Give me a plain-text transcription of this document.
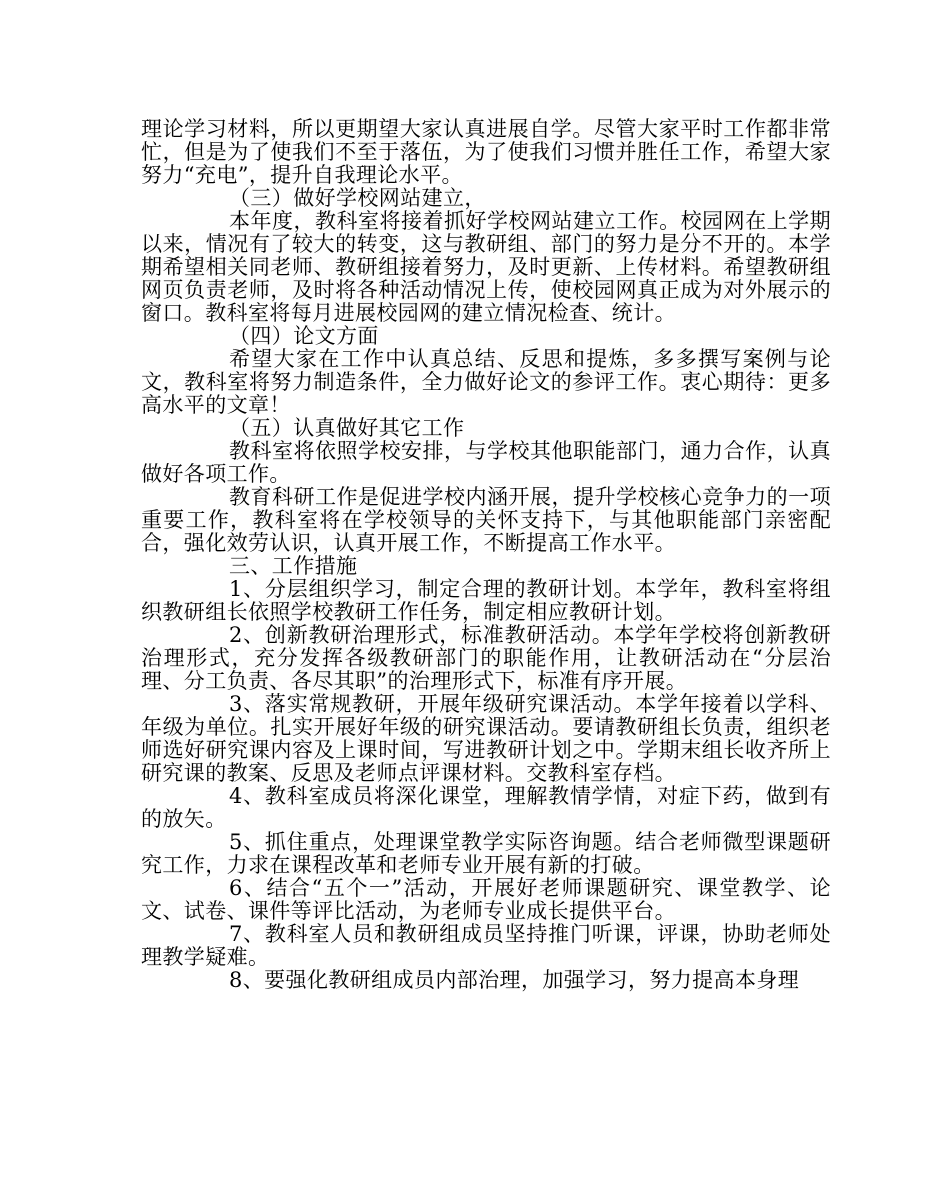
理论学习材料，所以更期望大家认真进展自学。尽管大家平时工作都非常忙，但是为了使我们不至于落伍，为了使我们习惯并胜任工作，希望大家努力“充电”，提升自我理论水平。

（三）做好学校网站建立，

本年度，教科室将接着抓好学校网站建立工作。校园网在上学期以来，情况有了较大的转变，这与教研组、部门的努力是分不开的。本学期希望相关同老师、教研组接着努力，及时更新、上传材料。希望教研组网页负责老师，及时将各种活动情况上传，使校园网真正成为对外展示的窗口。教科室将每月进展校园网的建立情况检查、统计。

（四）论文方面

希望大家在工作中认真总结、反思和提炼，多多撰写案例与论文，教科室将努力制造条件，全力做好论文的参评工作。衷心期待：更多高水平的文章！

（五）认真做好其它工作

教科室将依照学校安排，与学校其他职能部门，通力合作，认真做好各项工作。

教育科研工作是促进学校内涵开展，提升学校核心竞争力的一项重要工作，教科室将在学校领导的关怀支持下，与其他职能部门亲密配合，强化效劳认识，认真开展工作，不断提高工作水平。

三、工作措施

1、分层组织学习，制定合理的教研计划。本学年，教科室将组织教研组长依照学校教研工作任务，制定相应教研计划。

2、创新教研治理形式，标准教研活动。本学年学校将创新教研治理形式，充分发挥各级教研部门的职能作用，让教研活动在“分层治理、分工负责、各尽其职”的治理形式下，标准有序开展。

3、落实常规教研，开展年级研究课活动。本学年接着以学科、年级为单位。扎实开展好年级的研究课活动。要请教研组长负责，组织老师选好研究课内容及上课时间，写进教研计划之中。学期末组长收齐所上研究课的教案、反思及老师点评课材料。交教科室存档。

4、教科室成员将深化课堂，理解教情学情，对症下药，做到有的放矢。

5、抓住重点，处理课堂教学实际咨询题。结合老师微型课题研究工作，力求在课程改革和老师专业开展有新的打破。

6、结合“五个一”活动，开展好老师课题研究、课堂教学、论文、试卷、课件等评比活动，为老师专业成长提供平台。

7、教科室人员和教研组成员坚持推门听课，评课，协助老师处理教学疑难。

8、要强化教研组成员内部治理，加强学习，努力提高本身理
